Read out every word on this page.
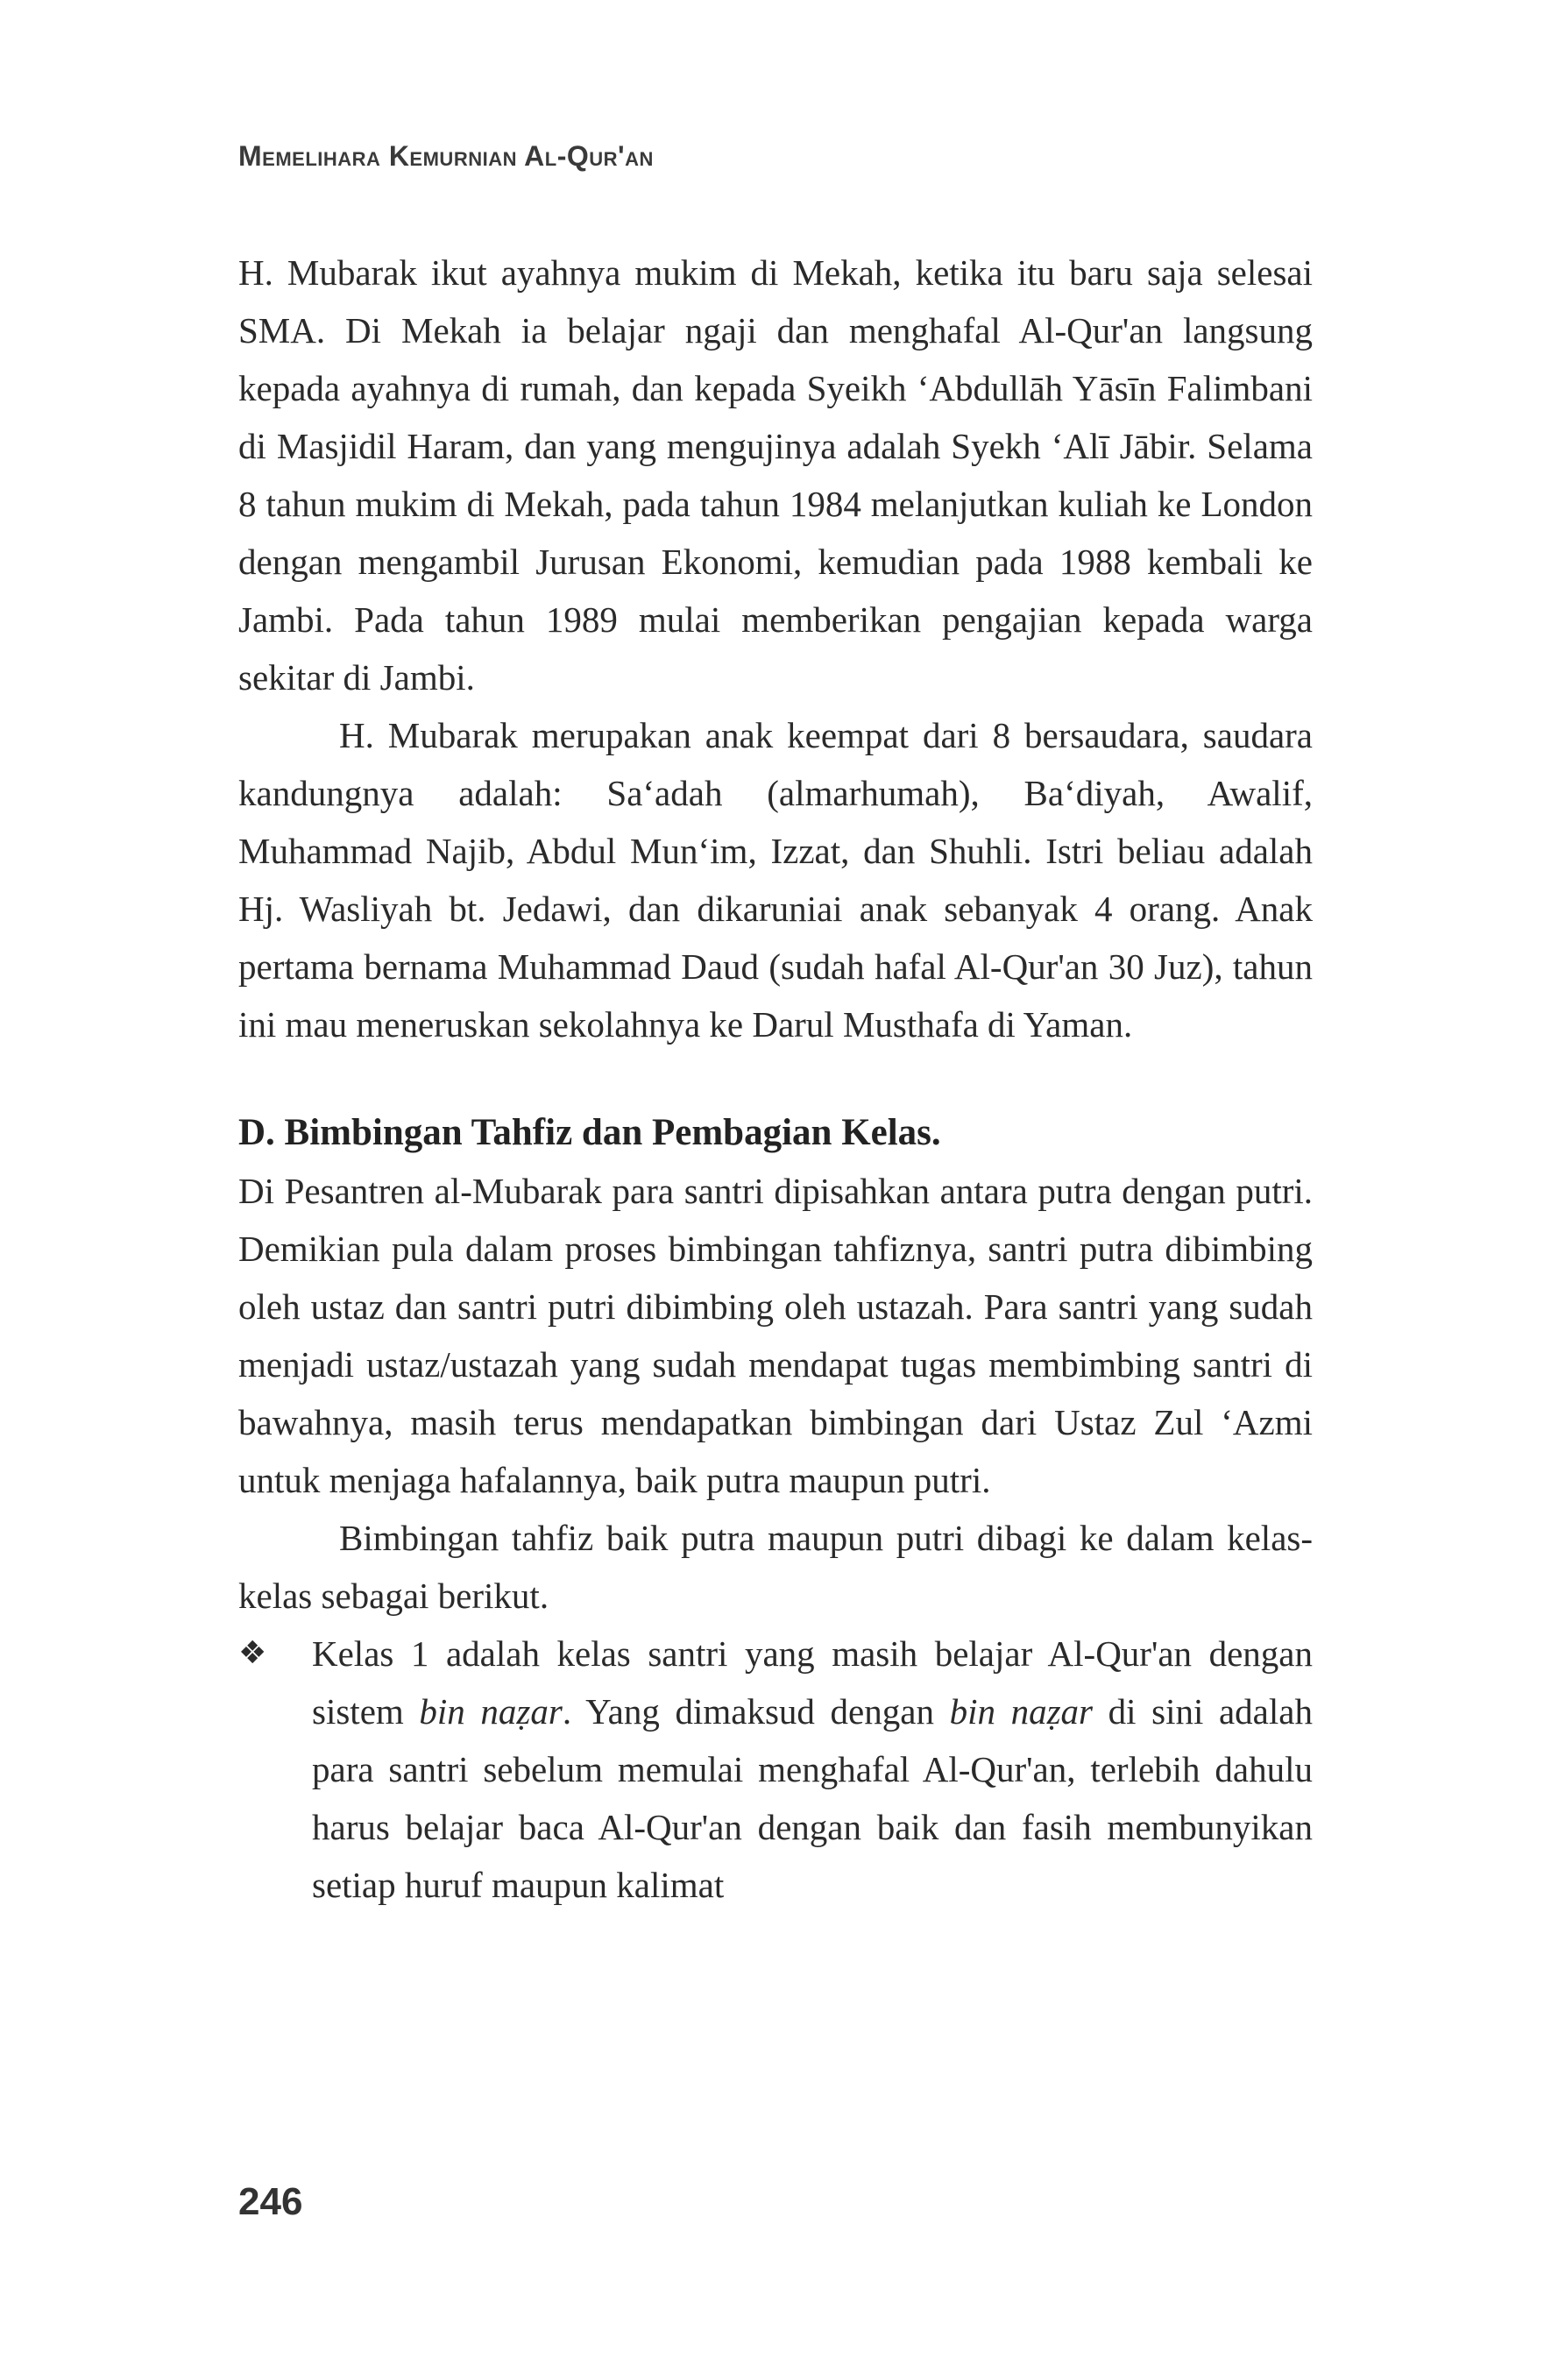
Memelihara Kemurnian Al-Qur'an

H. Mubarak ikut ayahnya mukim di Mekah, ketika itu baru saja selesai SMA. Di Mekah ia belajar ngaji dan menghafal Al-Qur'an langsung kepada ayahnya di rumah, dan kepada Syeikh ‘Abdullāh Yāsīn Falimbani di Masjidil Haram, dan yang mengujinya adalah Syekh ‘Alī Jābir. Selama 8 tahun mukim di Mekah, pada tahun 1984 melanjutkan kuliah ke London dengan mengambil Jurusan Ekonomi, kemudian pada 1988 kembali ke Jambi. Pada tahun 1989 mulai memberikan pengajian kepada warga sekitar di Jambi.

H. Mubarak merupakan anak keempat dari 8 bersaudara, saudara kandungnya adalah: Sa‘adah (almarhumah), Ba‘diyah, Awalif, Muhammad Najib, Abdul Mun‘im, Izzat, dan Shuhli. Istri beliau adalah Hj. Wasliyah bt. Jedawi, dan dikaruniai anak sebanyak 4 orang. Anak pertama bernama Muhammad Daud (sudah hafal Al-Qur'an 30 Juz), tahun ini mau meneruskan sekolahnya ke Darul Musthafa di Yaman.

D. Bimbingan Tahfiz dan Pembagian Kelas.

Di Pesantren al-Mubarak para santri dipisahkan antara putra dengan putri. Demikian pula dalam proses bimbingan tahfiznya, santri putra dibimbing oleh ustaz dan santri putri dibimbing oleh ustazah. Para santri yang sudah menjadi ustaz/ustazah yang sudah mendapat tugas membimbing santri di bawahnya, masih terus mendapatkan bimbingan dari Ustaz Zul ‘Azmi untuk menjaga hafalannya, baik putra maupun putri.

Bimbingan tahfiz baik putra maupun putri dibagi ke dalam kelas-kelas sebagai berikut.

❖	Kelas 1 adalah kelas santri yang masih belajar Al-Qur'an dengan sistem bin naẓar. Yang dimaksud dengan bin naẓar di sini adalah para santri sebelum memulai menghafal Al-Qur'an, terlebih dahulu harus belajar baca Al-Qur'an dengan baik dan fasih membunyikan setiap huruf maupun kalimat
246
